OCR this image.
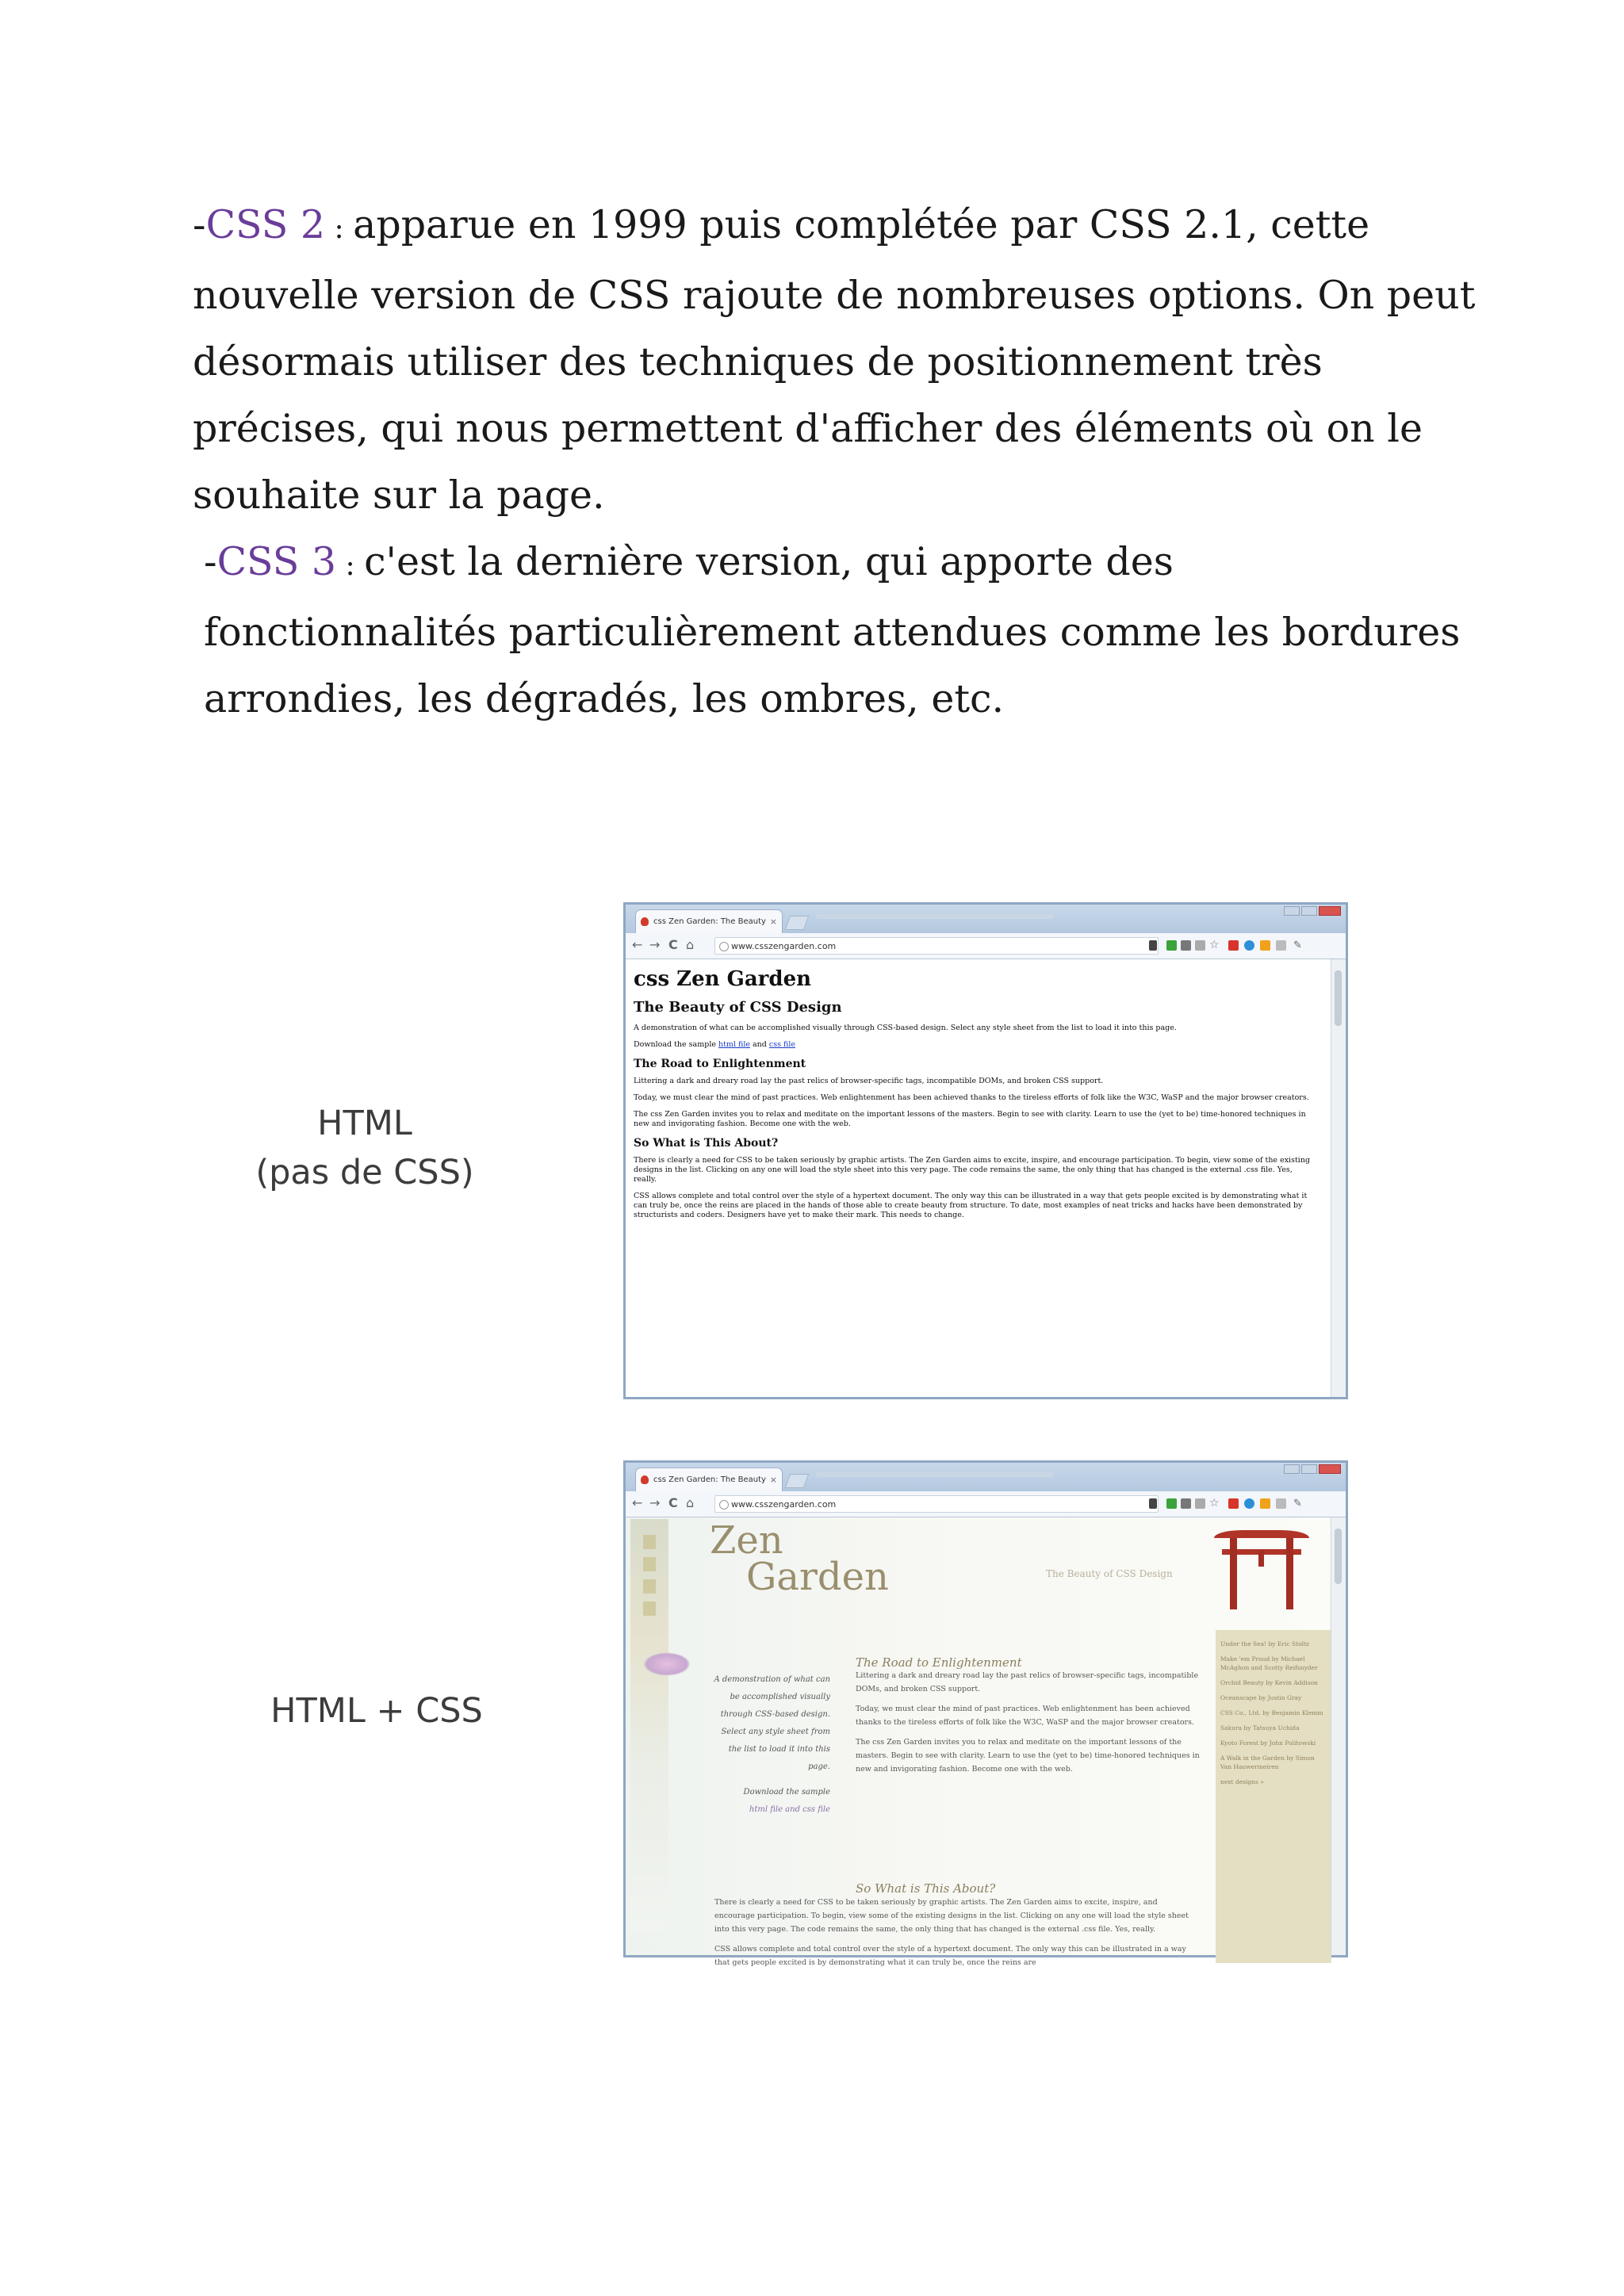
-CSS 2 : apparue en 1999 puis complétée par CSS 2.1, cette nouvelle version de CSS rajoute de nombreuses options. On peut désormais utiliser des techniques de positionnement très précises, qui nous permettent d'afficher des éléments où on le souhaite sur la page.

-CSS 3 : c'est la dernière version, qui apporte des fonctionnalités particulièrement attendues comme les bordures arrondies, les dégradés, les ombres, etc.

HTML
(pas de CSS)
HTML + CSS
css Zen Garden: The Beauty ×
← → C ⌂	www.csszengarden.com	☆	✎
css Zen Garden
The Beauty of CSS Design

A demonstration of what can be accomplished visually through CSS-based design. Select any style sheet from the list to load it into this page.

Download the sample html file and css file

The Road to Enlightenment

Littering a dark and dreary road lay the past relics of browser-specific tags, incompatible DOMs, and broken CSS support.

Today, we must clear the mind of past practices. Web enlightenment has been achieved thanks to the tireless efforts of folk like the W3C, WaSP and the major browser creators.

The css Zen Garden invites you to relax and meditate on the important lessons of the masters. Begin to see with clarity. Learn to use the (yet to be) time-honored techniques in new and invigorating fashion. Become one with the web.

So What is This About?

There is clearly a need for CSS to be taken seriously by graphic artists. The Zen Garden aims to excite, inspire, and encourage participation. To begin, view some of the existing designs in the list. Clicking on any one will load the style sheet into this very page. The code remains the same, the only thing that has changed is the external .css file. Yes, really.

CSS allows complete and total control over the style of a hypertext document. The only way this can be illustrated in a way that gets people excited is by demonstrating what it can truly be, once the reins are placed in the hands of those able to create beauty from structure. To date, most examples of neat tricks and hacks have been demonstrated by structurists and coders. Designers have yet to make their mark. This needs to change.

css Zen Garden: The Beauty ×
← → C ⌂	www.csszengarden.com	☆	✎
Zen
Garden	The Beauty of CSS Design
A demonstration of what can be accomplished visually through CSS-based design. Select any style sheet from the list to load it into this page.
Download the sample
html file and css file
The Road to Enlightenment

Littering a dark and dreary road lay the past relics of browser-specific tags, incompatible DOMs, and broken CSS support.

Today, we must clear the mind of past practices. Web enlightenment has been achieved thanks to the tireless efforts of folk like the W3C, WaSP and the major browser creators.

The css Zen Garden invites you to relax and meditate on the important lessons of the masters. Begin to see with clarity. Learn to use the (yet to be) time-honored techniques in new and invigorating fashion. Become one with the web.

So What is This About?

There is clearly a need for CSS to be taken seriously by graphic artists. The Zen Garden aims to excite, inspire, and encourage participation. To begin, view some of the existing designs in the list. Clicking on any one will load the style sheet into this very page. The code remains the same, the only thing that has changed is the external .css file. Yes, really.

CSS allows complete and total control over the style of a hypertext document. The only way this can be illustrated in a way that gets people excited is by demonstrating what it can truly be, once the reins are

Under the Sea! by Eric Stoltz
Make 'em Proud by Michael McAghon and Scotty Reifsnyder
Orchid Beauty by Kevin Addison
Oceanscape by Justin Gray
CSS Co., Ltd. by Benjamin Klemm
Sakura by Tatsuya Uchida
Kyoto Forest by John Politowski
A Walk in the Garden by Simon Van Hauwermeiren
next designs »
